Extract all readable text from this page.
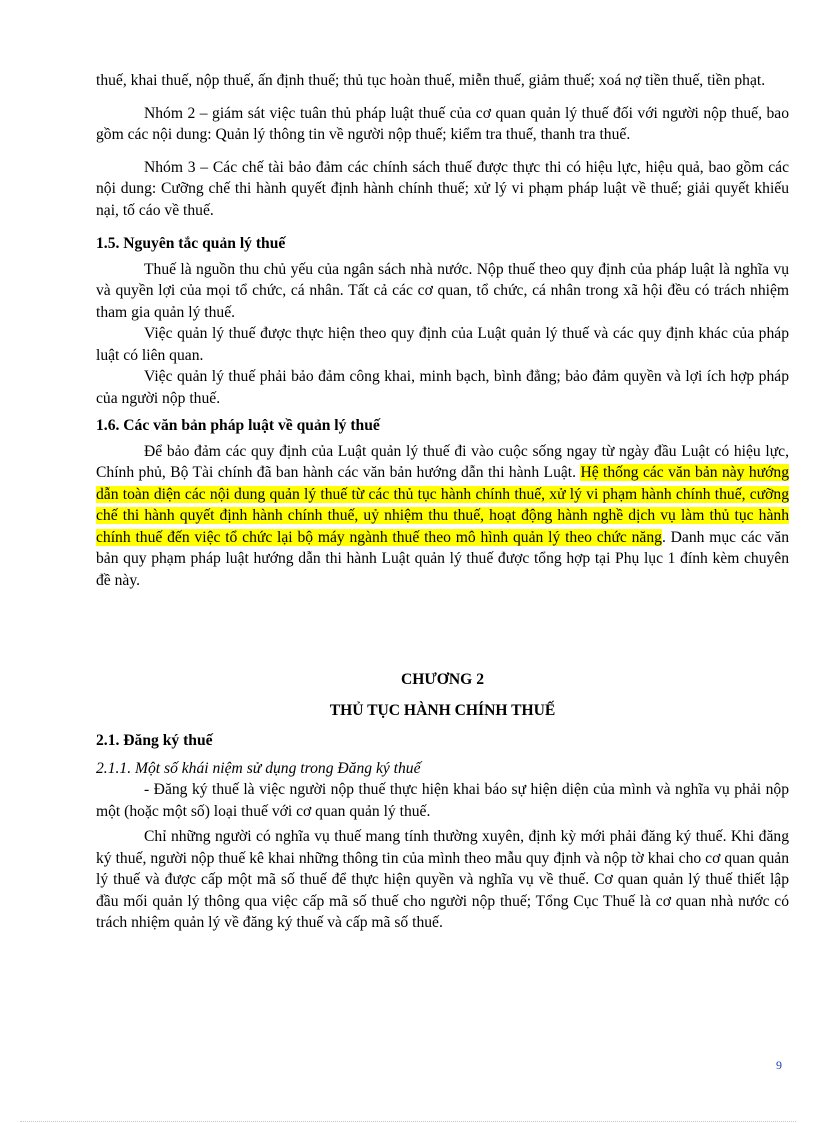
thuế, khai thuế, nộp thuế, ấn định thuế; thủ tục hoàn thuế, miễn thuế, giảm thuế; xoá nợ tiền thuế, tiền phạt.

Nhóm 2 – giám sát việc tuân thủ pháp luật thuế của cơ quan quản lý thuế đối với người nộp thuế, bao gồm các nội dung: Quản lý thông tin về người nộp thuế; kiểm tra thuế, thanh tra thuế.

Nhóm 3 – Các chế tài bảo đảm các chính sách thuế được thực thi có hiệu lực, hiệu quả, bao gồm các nội dung: Cưỡng chế thi hành quyết định hành chính thuế; xử lý vi phạm pháp luật về thuế; giải quyết khiếu nại, tố cáo về thuế.

1.5. Nguyên tắc quản lý thuế

Thuế là nguồn thu chủ yếu của ngân sách nhà nước. Nộp thuế theo quy định của pháp luật là nghĩa vụ và quyền lợi của mọi tổ chức, cá nhân. Tất cả các cơ quan, tổ chức, cá nhân trong xã hội đều có trách nhiệm tham gia quản lý thuế.

Việc quản lý thuế được thực hiện theo quy định của Luật quản lý thuế và các quy định khác của pháp luật có liên quan.

Việc quản lý thuế phải bảo đảm công khai, minh bạch, bình đẳng; bảo đảm quyền và lợi ích hợp pháp của người nộp thuế.

1.6. Các văn bản pháp luật về quản lý thuế

Để bảo đảm các quy định của Luật quản lý thuế đi vào cuộc sống ngay từ ngày đầu Luật có hiệu lực, Chính phủ, Bộ Tài chính đã ban hành các văn bản hướng dẫn thi hành Luật. Hệ thống các văn bản này hướng dẫn toàn diện các nội dung quản lý thuế từ các thủ tục hành chính thuế, xử lý vi phạm hành chính thuế, cưỡng chế thi hành quyết định hành chính thuế, uỷ nhiệm thu thuế, hoạt động hành nghề dịch vụ làm thủ tục hành chính thuế đến việc tổ chức lại bộ máy ngành thuế theo mô hình quản lý theo chức năng. Danh mục các văn bản quy phạm pháp luật hướng dẫn thi hành Luật quản lý thuế được tổng hợp tại Phụ lục 1 đính kèm chuyên đề này.

CHƯƠNG 2

THỦ TỤC HÀNH CHÍNH THUẾ

2.1. Đăng ký thuế

2.1.1. Một số khái niệm sử dụng trong Đăng ký thuế

- Đăng ký thuế là việc người nộp thuế thực hiện khai báo sự hiện diện của mình và nghĩa vụ phải nộp một (hoặc một số) loại thuế với cơ quan quản lý thuế.

Chỉ những người có nghĩa vụ thuế mang tính thường xuyên, định kỳ mới phải đăng ký thuế. Khi đăng ký thuế, người nộp thuế kê khai những thông tin của mình theo mẫu quy định và nộp tờ khai cho cơ quan quản lý thuế và được cấp một mã số thuế để thực hiện quyền và nghĩa vụ về thuế. Cơ quan quản lý thuế thiết lập đầu mối quản lý thông qua việc cấp mã số thuế cho người nộp thuế; Tổng Cục Thuế là cơ quan nhà nước có trách nhiệm quản lý về đăng ký thuế và cấp mã số thuế.

9
